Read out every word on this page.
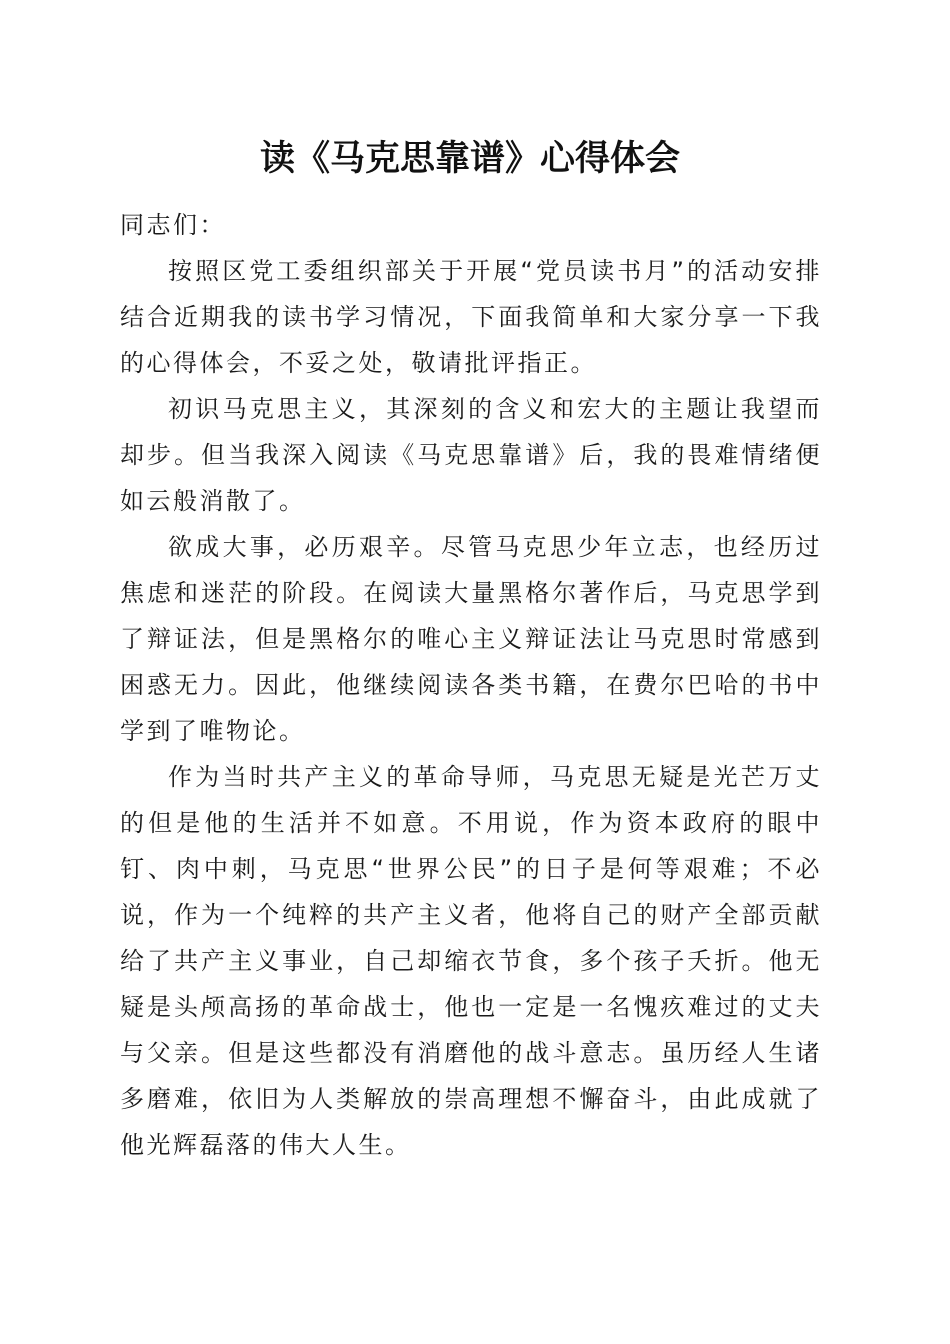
读《马克思靠谱》心得体会

同志们：

按照区党工委组织部关于开展“党员读书月”的活动安排结合近期我的读书学习情况，下面我简单和大家分享一下我的心得体会，不妥之处，敬请批评指正。

初识马克思主义，其深刻的含义和宏大的主题让我望而却步。但当我深入阅读《马克思靠谱》后，我的畏难情绪便如云般消散了。

欲成大事，必历艰辛。尽管马克思少年立志，也经历过焦虑和迷茫的阶段。在阅读大量黑格尔著作后，马克思学到了辩证法，但是黑格尔的唯心主义辩证法让马克思时常感到困惑无力。因此，他继续阅读各类书籍，在费尔巴哈的书中学到了唯物论。

作为当时共产主义的革命导师，马克思无疑是光芒万丈的但是他的生活并不如意。不用说，作为资本政府的眼中钉、肉中刺，马克思“世界公民”的日子是何等艰难；不必说，作为一个纯粹的共产主义者，他将自己的财产全部贡献给了共产主义事业，自己却缩衣节食，多个孩子夭折。他无疑是头颅高扬的革命战士，他也一定是一名愧疚难过的丈夫与父亲。但是这些都没有消磨他的战斗意志。虽历经人生诸多磨难，依旧为人类解放的崇高理想不懈奋斗，由此成就了他光辉磊落的伟大人生。
